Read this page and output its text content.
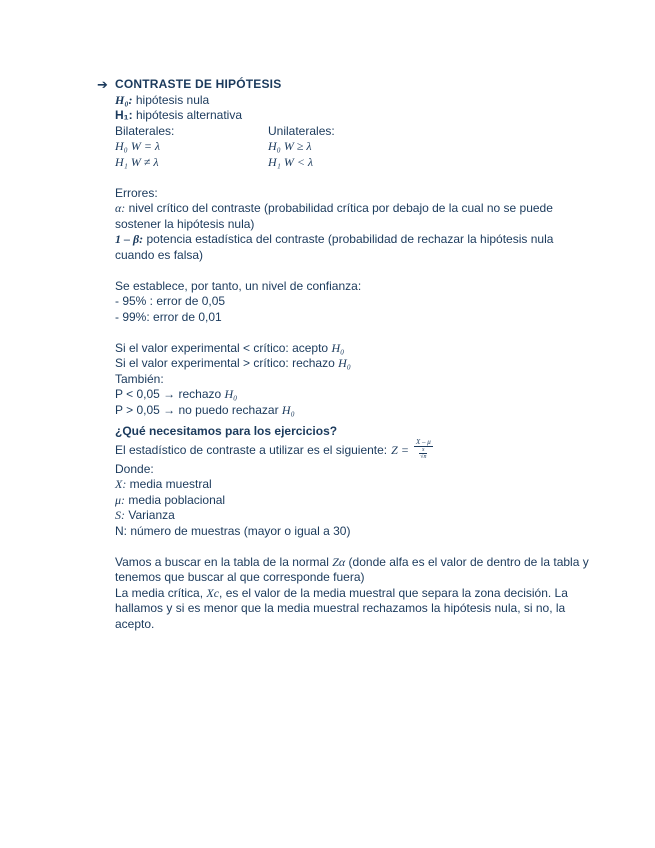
➔ CONTRASTE DE HIPÓTESIS
H₀: hipótesis nula
H₁: hipótesis alternativa
Bilaterales:	Unilaterales:
H₀ W = λ	H₀ W ≥ λ
H₁ W ≠ λ	H₁ W < λ
Errores:
α: nivel crítico del contraste (probabilidad crítica por debajo de la cual no se puede sostener la hipótesis nula)
1 – β: potencia estadística del contraste (probabilidad de rechazar la hipótesis nula cuando es falsa)
Se establece, por tanto, un nivel de confianza:
- 95% : error de 0,05
- 99%: error de 0,01
Si el valor experimental < crítico: acepto H₀
Si el valor experimental > crítico: rechazo H₀
También:
P < 0,05 → rechazo H₀
P > 0,05 → no puedo rechazar H₀
¿Qué necesitamos para los ejercicios?
El estadístico de contraste a utilizar es el siguiente: Z = X – μ
s
√n
Donde:
X: media muestral
μ: media poblacional
S: Varianza
N: número de muestras (mayor o igual a 30)
Vamos a buscar en la tabla de la normal Zα (donde alfa es el valor de dentro de la tabla y tenemos que buscar al que corresponde fuera)
La media crítica, Xc, es el valor de la media muestral que separa la zona decisión. La hallamos y si es menor que la media muestral rechazamos la hipótesis nula, si no, la acepto.
